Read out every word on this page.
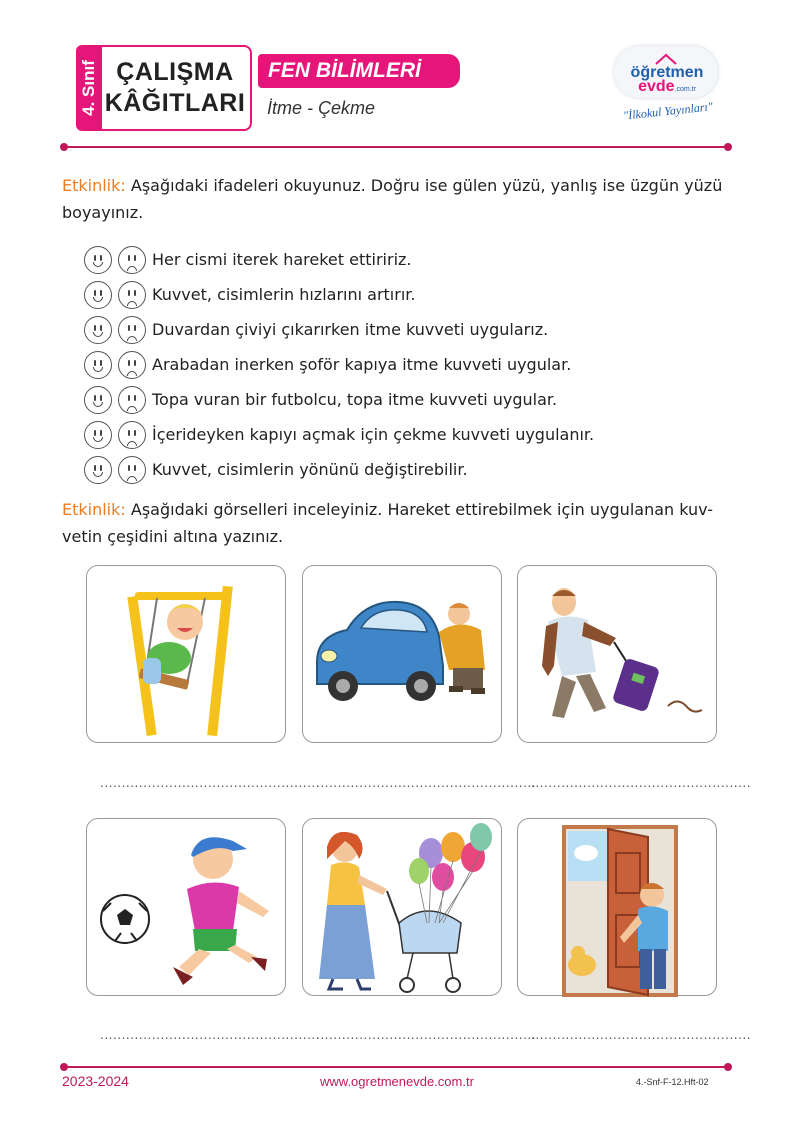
4. Sınıf ÇALIŞMA
KÂĞITLARI
FEN BİLİMLERİ
İtme - Çekme
öğretmen
evde.com.tr
"İlkokul Yayınları"
Etkinlik: Aşağıdaki ifadeleri okuyunuz. Doğru ise gülen yüzü, yanlış ise üzgün yüzü boyayınız.
Her cismi iterek hareket ettiririz.
Kuvvet, cisimlerin hızlarını artırır.
Duvardan çiviyi çıkarırken itme kuvveti uygularız.
Arabadan inerken şoför kapıya itme kuvveti uygular.
Topa vuran bir futbolcu, topa itme kuvveti uygular.
İçerideyken kapıyı açmak için çekme kuvveti uygulanır.
Kuvvet, cisimlerin yönünü değiştirebilir.
Etkinlik: Aşağıdaki görselleri inceleyiniz. Hareket ettirebilmek için uygulanan kuv-
vetin çeşidini altına yazınız.
...................................................
...................................................
...................................................
...................................................
...................................................
...................................................
2023-2024	www.ogretmenevde.com.tr	4.-Snf-F-12.Hft-02
